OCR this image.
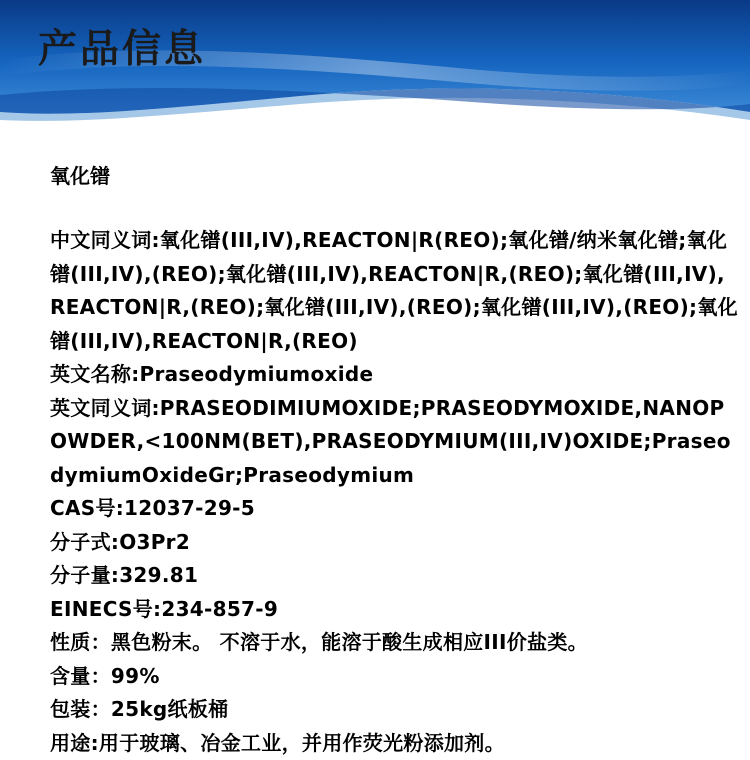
产品信息
氧化镨
中文同义词:氧化镨(III,IV),REACTON|R(REO);氧化镨/纳米氧化镨;氧化镨(III,IV),(REO);氧化镨(III,IV),REACTON|R,(REO);氧化镨(III,IV),REACTON|R,(REO);氧化镨(III,IV),(REO);氧化镨(III,IV),(REO);氧化镨(III,IV),REACTON|R,(REO)
英文名称:Praseodymiumoxide
英文同义词:PRASEODIMIUMOXIDE;PRASEODYMOXIDE,NANOPOWDER,<100NM(BET),PRASEODYMIUM(III,IV)OXIDE;PraseodymiumOxideGr;Praseodymium
CAS号:12037-29-5
分子式:O3Pr2
分子量:329.81
EINECS号:234-857-9
性质：黑色粉末。 不溶于水，能溶于酸生成相应III价盐类。
含量：99%
包装：25kg纸板桶
用途:用于玻璃、冶金工业，并用作荧光粉添加剂。
